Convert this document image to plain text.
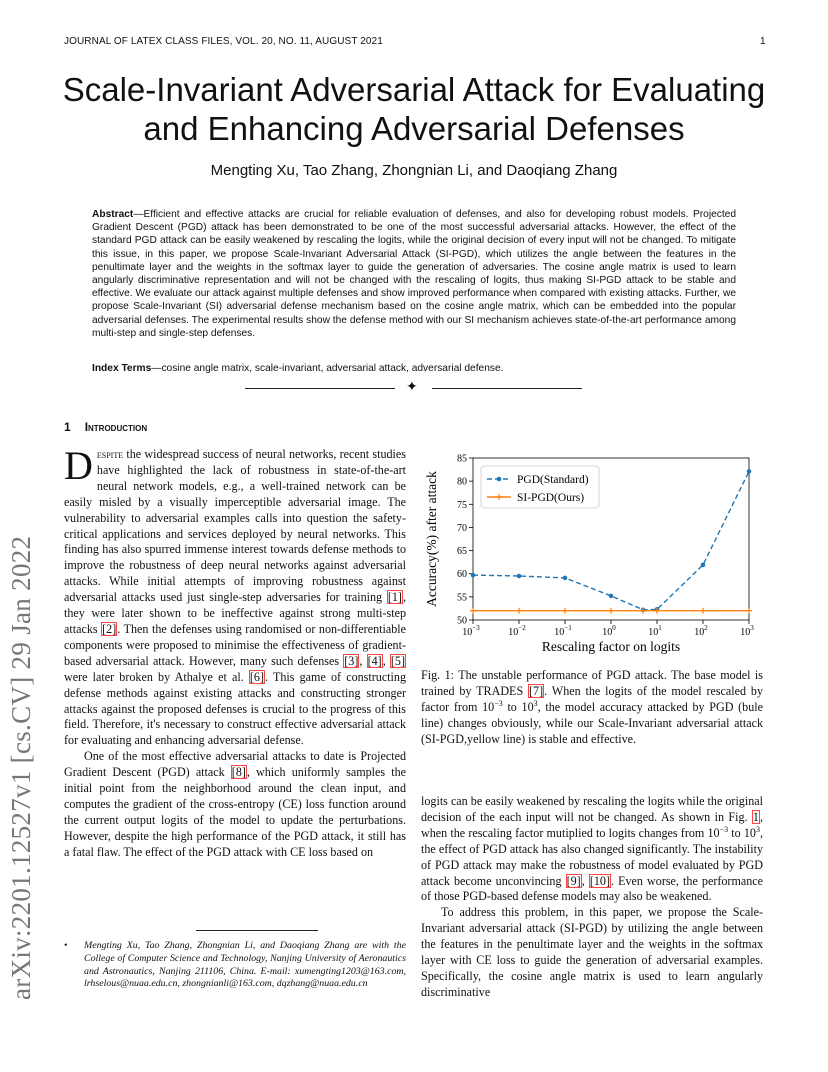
JOURNAL OF LATEX CLASS FILES, VOL. 20, NO. 11, AUGUST 2021	1
arXiv:2201.12527v1 [cs.CV] 29 Jan 2022
Scale-Invariant Adversarial Attack for Evaluating and Enhancing Adversarial Defenses
Mengting Xu, Tao Zhang, Zhongnian Li, and Daoqiang Zhang
Abstract—Efficient and effective attacks are crucial for reliable evaluation of defenses, and also for developing robust models. Projected Gradient Descent (PGD) attack has been demonstrated to be one of the most successful adversarial attacks. However, the effect of the standard PGD attack can be easily weakened by rescaling the logits, while the original decision of every input will not be changed. To mitigate this issue, in this paper, we propose Scale-Invariant Adversarial Attack (SI-PGD), which utilizes the angle between the features in the penultimate layer and the weights in the softmax layer to guide the generation of adversaries. The cosine angle matrix is used to learn angularly discriminative representation and will not be changed with the rescaling of logits, thus making SI-PGD attack to be stable and effective. We evaluate our attack against multiple defenses and show improved performance when compared with existing attacks. Further, we propose Scale-Invariant (SI) adversarial defense mechanism based on the cosine angle matrix, which can be embedded into the popular adversarial defenses. The experimental results show the defense method with our SI mechanism achieves state-of-the-art performance among multi-step and single-step defenses.
Index Terms—cosine angle matrix, scale-invariant, adversarial attack, adversarial defense.
✦
1 Introduction

Despite the widespread success of neural networks, recent studies have highlighted the lack of robustness in state-of-the-art neural network models, e.g., a well-trained network can be easily misled by a visually imperceptible adversarial image. The vulnerability to adversarial examples calls into question the safety-critical applications and services deployed by neural networks. This finding has also spurred immense interest towards defense methods to improve the robustness of deep neural networks against adversarial attacks. While initial attempts of improving robustness against adversarial attacks used just single-step adversaries for training [1], they were later shown to be ineffective against strong multi-step attacks [2]. Then the defenses using randomised or non-differentiable components were proposed to minimise the effectiveness of gradient-based adversarial attack. However, many such defenses [3], [4], [5] were later broken by Athalye et al. [6]. This game of constructing defense methods against existing attacks and constructing stronger attacks against the proposed defenses is crucial to the progress of this field. Therefore, it's necessary to construct effective adversarial attack for evaluating and enhancing adversarial defense.

One of the most effective adversarial attacks to date is Projected Gradient Descent (PGD) attack [8], which uniformly samples the initial point from the neighborhood around the clean input, and computes the gradient of the cross-entropy (CE) loss function around the current output logits of the model to update the perturbations. However, despite the high performance of the PGD attack, it still has a fatal flaw. The effect of the PGD attack with CE loss based on

•	Mengting Xu, Tao Zhang, Zhongnian Li, and Daoqiang Zhang are with the College of Computer Science and Technology, Nanjing University of Aeronautics and Astronautics, Nanjing 211106, China. E-mail: xumengting1203@163.com, lrhselous@nuaa.edu.cn, zhongnianli@163.com, dqzhang@nuaa.edu.cn
50
55
60
65
70
75
80
85
$10^{-3}$	$10^{-2}$	$10^{-1}$	$10^0$	$10^1$	$10^2$	$10^3$
Rescaling factor on logits
Accuracy(%) after attack	PGD(Standard)
SI-PGD(Ours)
Fig. 1: The unstable performance of PGD attack. The base model is trained by TRADES [7]. When the logits of the model rescaled by factor from $10^{-3}$ to $10^3$, the model accuracy attacked by PGD (bule line) changes obviously, while our Scale-Invariant adversarial attack (SI-PGD,yellow line) is stable and effective.

logits can be easily weakened by rescaling the logits while the original decision of the each input will not be changed. As shown in Fig. 1, when the rescaling factor mutiplied to logits changes from $10^{-3}$ to $10^3$, the effect of PGD attack has also changed significantly. The instability of PGD attack may make the robustness of model evaluated by PGD attack become unconvincing [9], [10]. Even worse, the performance of those PGD-based defense models may also be weakened.

To address this problem, in this paper, we propose the Scale-Invariant adversarial attack (SI-PGD) by utilizing the angle between the features in the penultimate layer and the weights in the softmax layer with CE loss to guide the generation of adversarial examples. Specifically, the cosine angle matrix is used to learn angularly discriminative
